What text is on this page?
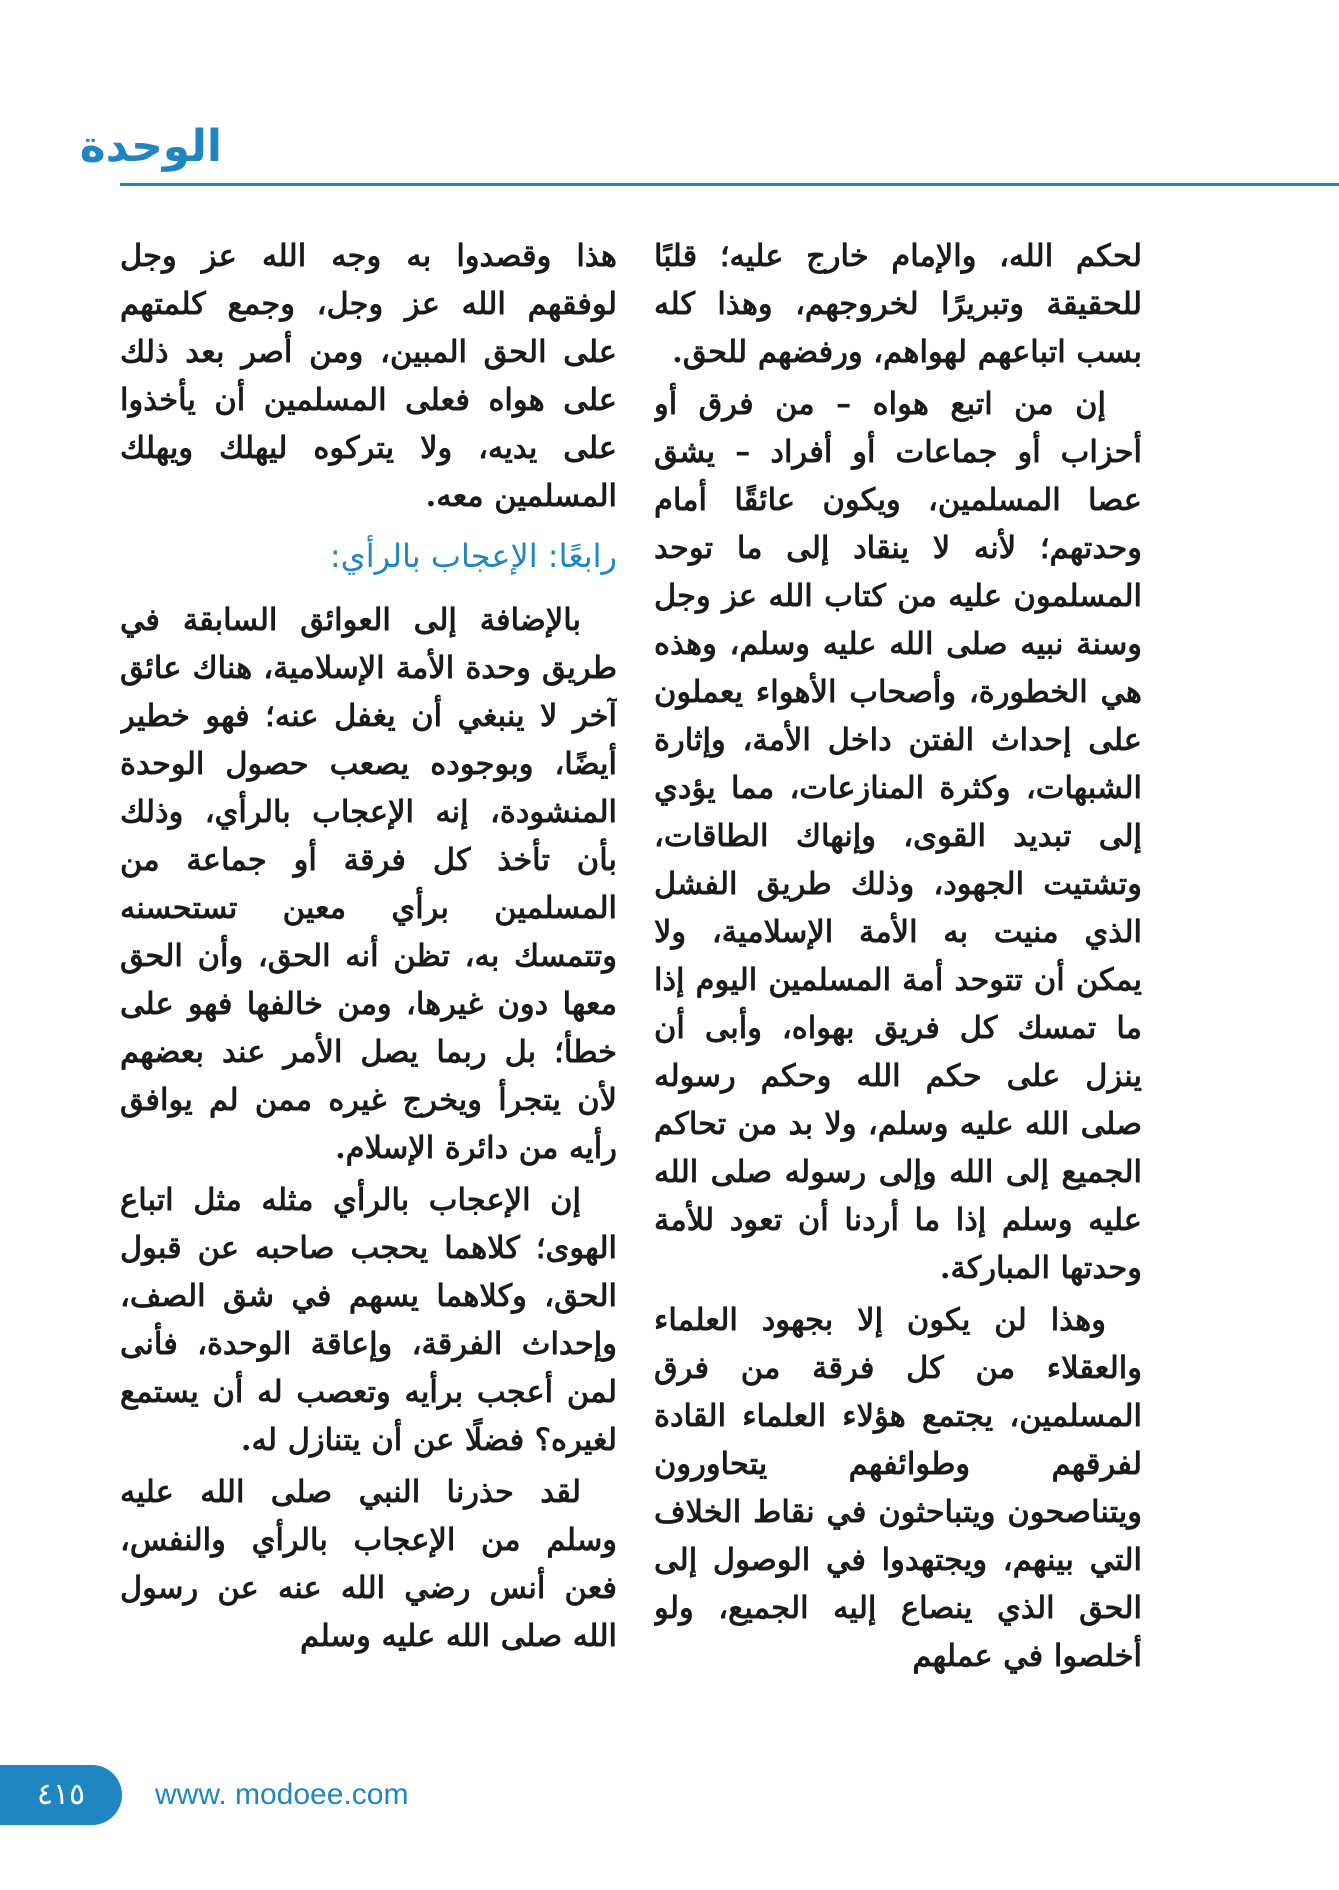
الوحدة

لحكم الله، والإمام خارج عليه؛ قلبًا للحقيقة وتبريرًا لخروجهم، وهذا كله بسب اتباعهم لهواهم، ورفضهم للحق.

إن من اتبع هواه – من فرق أو أحزاب أو جماعات أو أفراد – يشق عصا المسلمين، ويكون عائقًا أمام وحدتهم؛ لأنه لا ينقاد إلى ما توحد المسلمون عليه من كتاب الله عز وجل وسنة نبيه صلى الله عليه وسلم، وهذه هي الخطورة، وأصحاب الأهواء يعملون على إحداث الفتن داخل الأمة، وإثارة الشبهات، وكثرة المنازعات، مما يؤدي إلى تبديد القوى، وإنهاك الطاقات، وتشتيت الجهود، وذلك طريق الفشل الذي منيت به الأمة الإسلامية، ولا يمكن أن تتوحد أمة المسلمين اليوم إذا ما تمسك كل فريق بهواه، وأبى أن ينزل على حكم الله وحكم رسوله صلى الله عليه وسلم، ولا بد من تحاكم الجميع إلى الله وإلى رسوله صلى الله عليه وسلم إذا ما أردنا أن تعود للأمة وحدتها المباركة.

وهذا لن يكون إلا بجهود العلماء والعقلاء من كل فرقة من فرق المسلمين، يجتمع هؤلاء العلماء القادة لفرقهم وطوائفهم يتحاورون ويتناصحون ويتباحثون في نقاط الخلاف التي بينهم، ويجتهدوا في الوصول إلى الحق الذي ينصاع إليه الجميع، ولو أخلصوا في عملهم

هذا وقصدوا به وجه الله عز وجل لوفقهم الله عز وجل، وجمع كلمتهم على الحق المبين، ومن أصر بعد ذلك على هواه فعلى المسلمين أن يأخذوا على يديه، ولا يتركوه ليهلك ويهلك المسلمين معه.

رابعًا: الإعجاب بالرأي:

بالإضافة إلى العوائق السابقة في طريق وحدة الأمة الإسلامية، هناك عائق آخر لا ينبغي أن يغفل عنه؛ فهو خطير أيضًا، وبوجوده يصعب حصول الوحدة المنشودة، إنه الإعجاب بالرأي، وذلك بأن تأخذ كل فرقة أو جماعة من المسلمين برأي معين تستحسنه وتتمسك به، تظن أنه الحق، وأن الحق معها دون غيرها، ومن خالفها فهو على خطأ؛ بل ربما يصل الأمر عند بعضهم لأن يتجرأ ويخرج غيره ممن لم يوافق رأيه من دائرة الإسلام.

إن الإعجاب بالرأي مثله مثل اتباع الهوى؛ كلاهما يحجب صاحبه عن قبول الحق، وكلاهما يسهم في شق الصف، وإحداث الفرقة، وإعاقة الوحدة، فأنى لمن أعجب برأيه وتعصب له أن يستمع لغيره؟ فضلًا عن أن يتنازل له.

لقد حذرنا النبي صلى الله عليه وسلم من الإعجاب بالرأي والنفس، فعن أنس رضي الله عنه عن رسول الله صلى الله عليه وسلم

٤١٥	www. modoee.com
